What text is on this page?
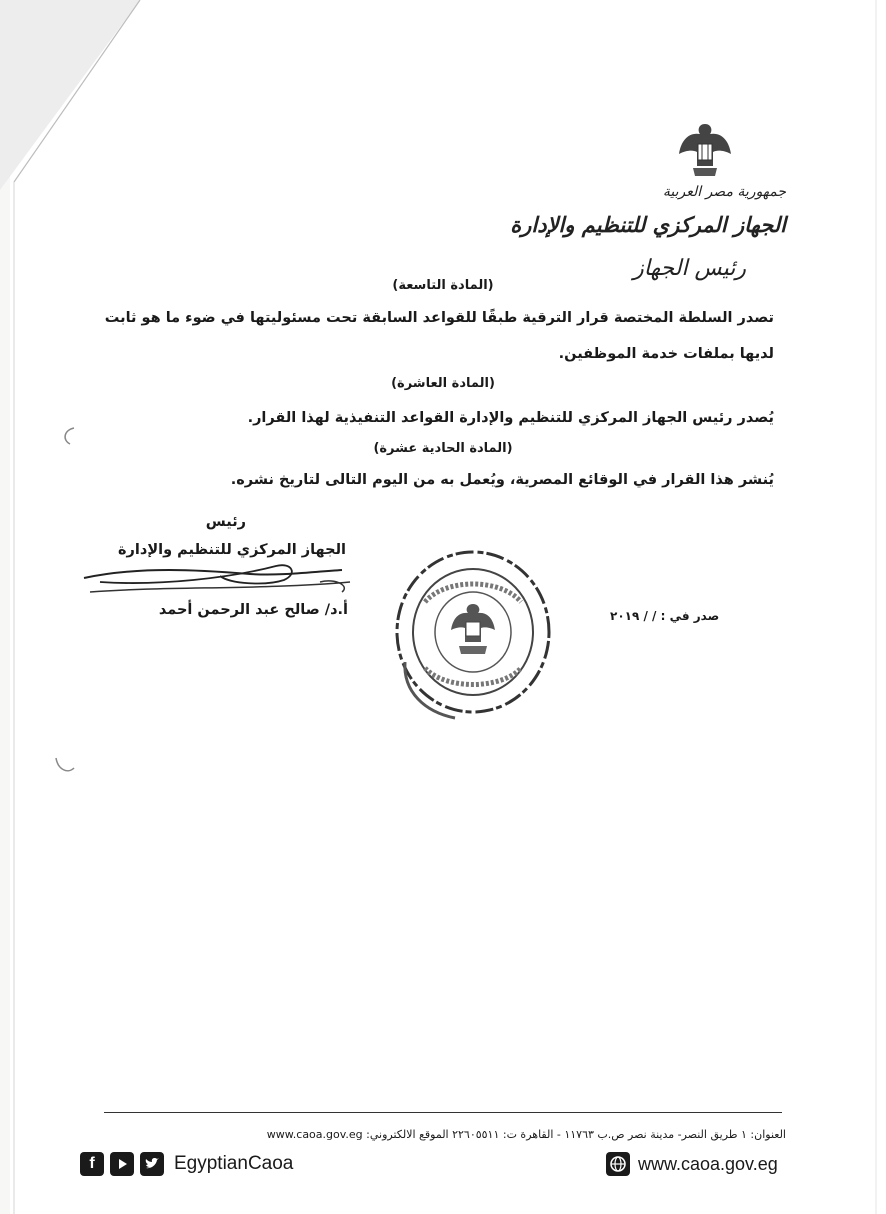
جمهورية مصر العربية
الجهاز المركزي للتنظيم والإدارة
رئيس الجهاز
(المادة التاسعة)
تصدر السلطة المختصة قرار الترقية طبقًا للقواعد السابقة تحت مسئوليتها في ضوء ما هو ثابت
لديها بملفات خدمة الموظفين.
(المادة العاشرة)
يُصدر رئيس الجهاز المركزي للتنظيم والإدارة القواعد التنفيذية لهذا القرار.
(المادة الحادية عشرة)
يُنشر هذا القرار في الوقائع المصرية، ويُعمل به من اليوم التالى لتاريخ نشره.
رئيس
الجهاز المركزي للتنظيم والإدارة
أ.د/ صالح عبد الرحمن أحمد	صدر في : / / ٢٠١٩
العنوان: ١ طريق النصر- مدينة نصر ص.ب ١١٧٦٣ - القاهرة ت: ٢٢٦٠٥٥١١ الموقع الالكتروني: www.caoa.gov.eg
f	EgyptianCaoa	www.caoa.gov.eg
